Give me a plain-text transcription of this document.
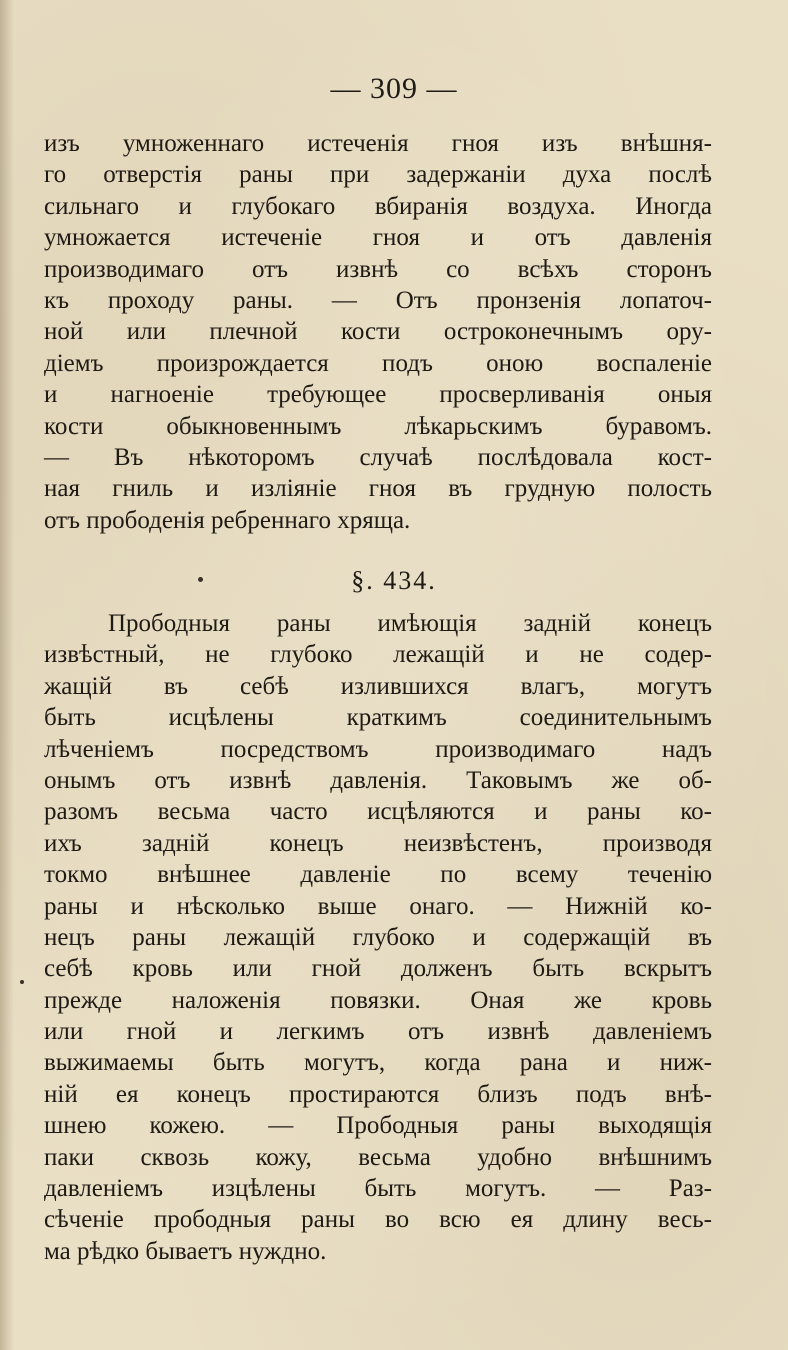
— 309 —
изъ умноженнаго истеченія гноя изъ внѣшня-
го отверстія раны при задержаніи духа послѣ
сильнаго и глубокаго вбиранія воздуха. Иногда
умножается истеченіе гноя и отъ давленія
производимаго отъ извнѣ со всѣхъ сторонъ
къ проходу раны. — Отъ пронзенія лопаточ-
ной или плечной кости остроконечнымъ ору-
діемъ произрождается подъ оною воспаленіе
и нагноеніе требующее просверливанія оныя
кости обыкновеннымъ лѣкарьскимъ буравомъ.
— Въ нѣкоторомъ случаѣ послѣдовала кост-
ная гниль и изліяніе гноя въ грудную полость
отъ прободенія ребреннаго хряща.
§. 434.
Прободныя раны имѣющія задній конецъ
извѣстный, не глубоко лежащій и не содер-
жащій въ себѣ излившихся влагъ, могутъ
быть исцѣлены краткимъ соединительнымъ
лѣченіемъ посредствомъ производимаго надъ
онымъ отъ извнѣ давленія. Таковымъ же об-
разомъ весьма часто исцѣляются и раны ко-
ихъ задній конецъ неизвѣстенъ, производя
токмо внѣшнее давленіе по всему теченію
раны и нѣсколько выше онаго. — Нижній ко-
нецъ раны лежащій глубоко и содержащій въ
себѣ кровь или гной долженъ быть вскрытъ
прежде наложенія повязки. Оная же кровь
или гной и легкимъ отъ извнѣ давленіемъ
выжимаемы быть могутъ, когда рана и ниж-
ній ея конецъ простираются близъ подъ внѣ-
шнею кожею. — Прободныя раны выходящія
паки сквозь кожу, весьма удобно внѣшнимъ
давленіемъ изцѣлены быть могутъ. — Раз-
сѣченіе прободныя раны во всю ея длину весь-
ма рѣдко бываетъ нуждно.
